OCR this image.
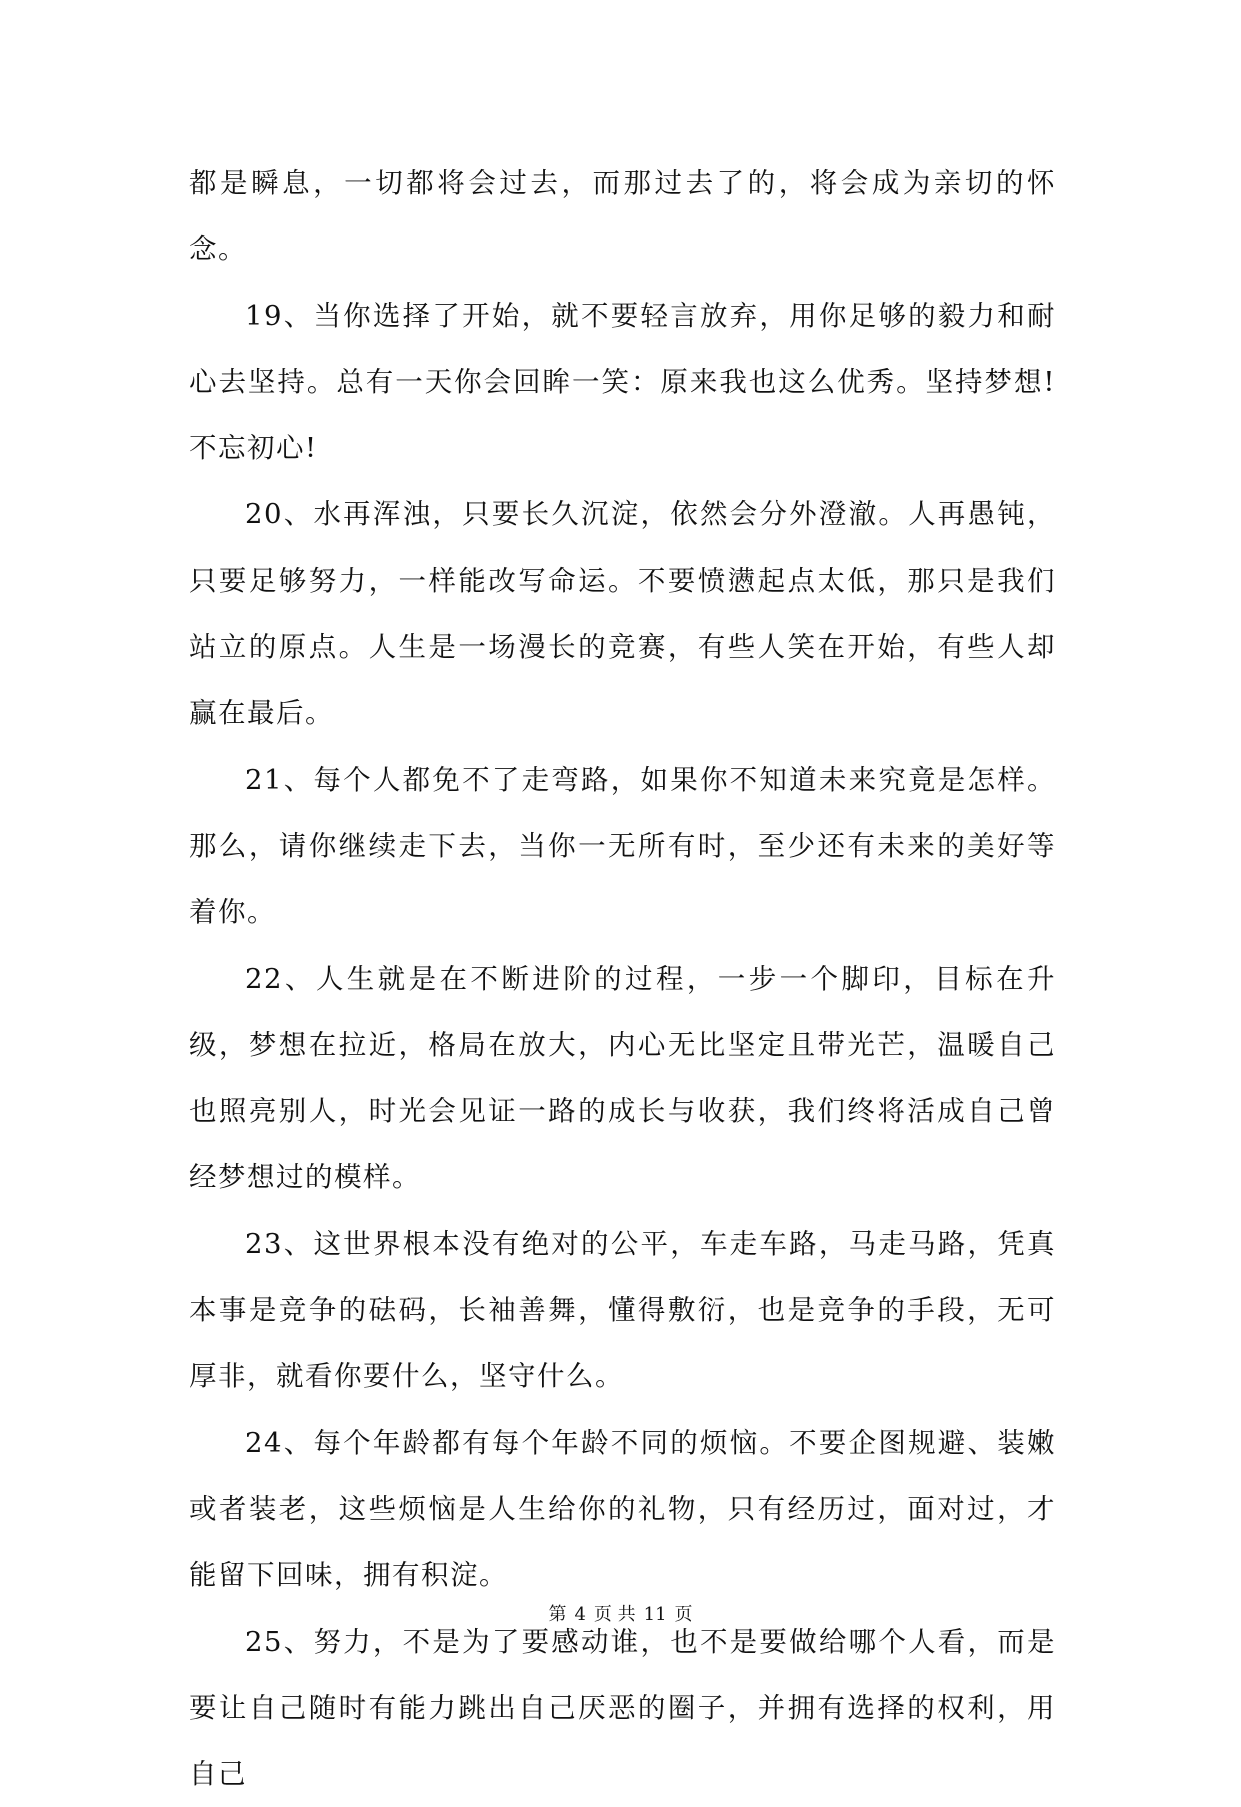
都是瞬息，一切都将会过去，而那过去了的，将会成为亲切的怀念。

19、当你选择了开始，就不要轻言放弃，用你足够的毅力和耐心去坚持。总有一天你会回眸一笑：原来我也这么优秀。坚持梦想!不忘初心!

20、水再浑浊，只要长久沉淀，依然会分外澄澈。人再愚钝，只要足够努力，一样能改写命运。不要愤懑起点太低，那只是我们站立的原点。人生是一场漫长的竞赛，有些人笑在开始，有些人却赢在最后。

21、每个人都免不了走弯路，如果你不知道未来究竟是怎样。那么，请你继续走下去，当你一无所有时，至少还有未来的美好等着你。

22、人生就是在不断进阶的过程，一步一个脚印，目标在升级，梦想在拉近，格局在放大，内心无比坚定且带光芒，温暖自己也照亮别人，时光会见证一路的成长与收获，我们终将活成自己曾经梦想过的模样。

23、这世界根本没有绝对的公平，车走车路，马走马路，凭真本事是竞争的砝码，长袖善舞，懂得敷衍，也是竞争的手段，无可厚非，就看你要什么，坚守什么。

24、每个年龄都有每个年龄不同的烦恼。不要企图规避、装嫩或者装老，这些烦恼是人生给你的礼物，只有经历过，面对过，才能留下回味，拥有积淀。

25、努力，不是为了要感动谁，也不是要做给哪个人看，而是要让自己随时有能力跳出自己厌恶的圈子，并拥有选择的权利，用自己

第 4 页 共 11 页
